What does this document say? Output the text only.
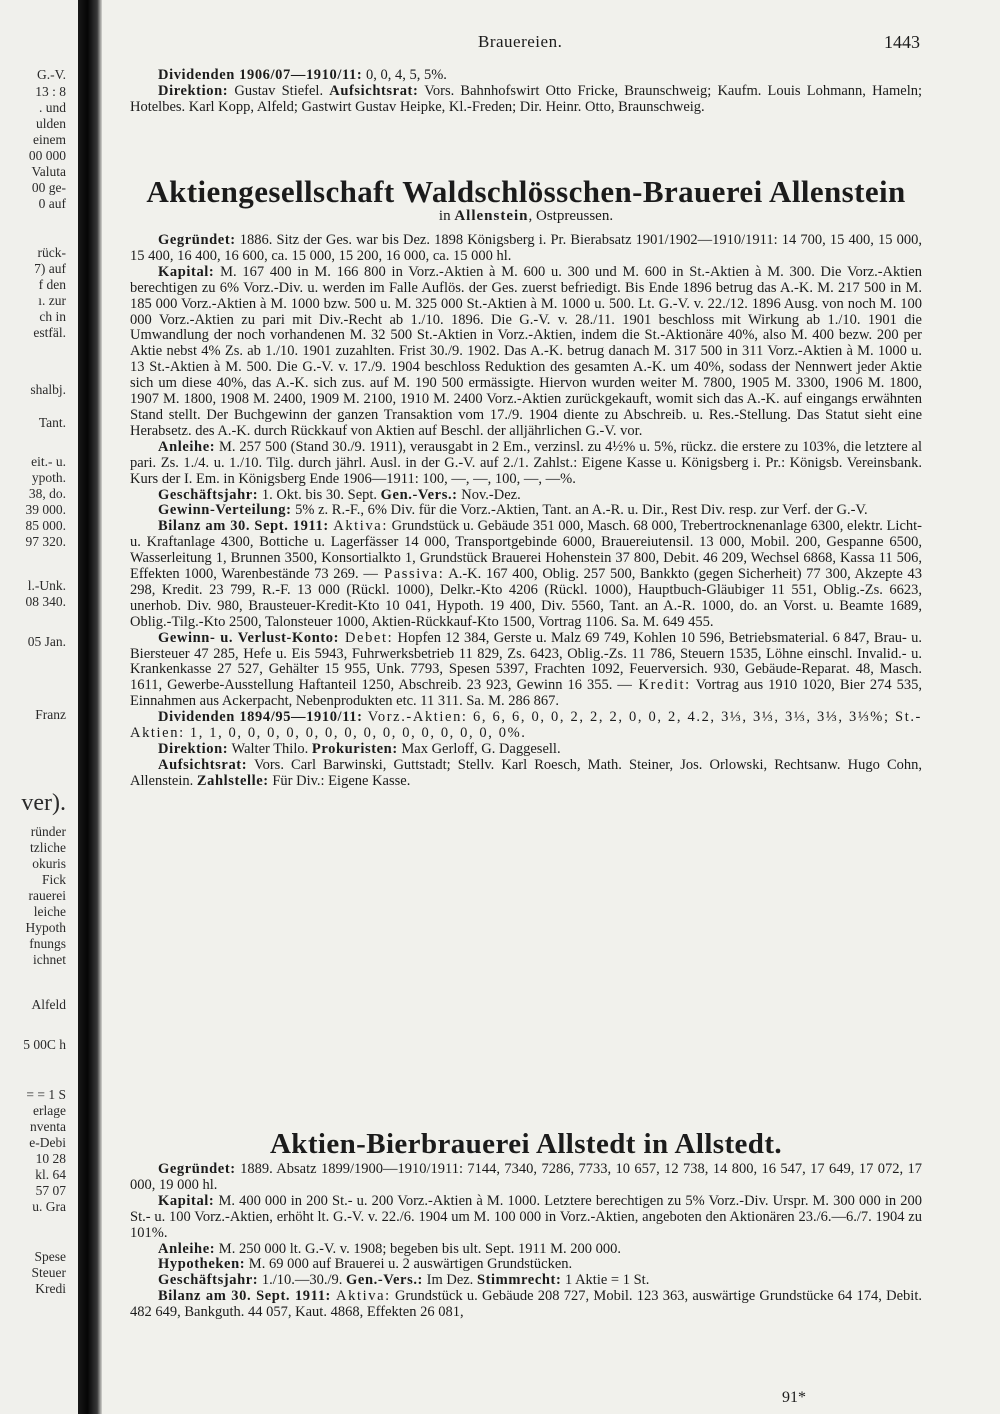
G.-V.
13 : 8
. und
ulden
einem
00 000
Valuta
00 ge-
0 auf
rück-
7) auf
f den
ı. zur
ch in
estfäl.
shalbj.
Tant.
eit.- u.
ypoth.
38, do.
39 000.
85 000.
97 320.
l.-Unk.
08 340.
05 Jan.
Franz
ver).
ründer
tzliche
okuris
Fick
rauerei
leiche
Hypoth
fnungs
ichnet
Alfeld
5 00C h
= = 1 S
erlage
nventa
e-Debi
10 28
kl. 64
57 07
u. Gra
Spese
Steuer
Kredi
Brauereien.	1443

Dividenden 1906/07—1910/11: 0, 0, 4, 5, 5%.

Direktion: Gustav Stiefel. Aufsichtsrat: Vors. Bahnhofswirt Otto Fricke, Braunschweig; Kaufm. Louis Lohmann, Hameln; Hotelbes. Karl Kopp, Alfeld; Gastwirt Gustav Heipke, Kl.-Freden; Dir. Heinr. Otto, Braunschweig.

Aktiengesellschaft Waldschlösschen-Brauerei Allenstein
in Allenstein, Ostpreussen.

Gegründet: 1886. Sitz der Ges. war bis Dez. 1898 Königsberg i. Pr. Bierabsatz 1901/1902—1910/1911: 14 700, 15 400, 15 000, 15 400, 16 400, 16 600, ca. 15 000, 15 200, 16 000, ca. 15 000 hl.

Kapital: M. 167 400 in M. 166 800 in Vorz.-Aktien à M. 600 u. 300 und M. 600 in St.-Aktien à M. 300. Die Vorz.-Aktien berechtigen zu 6% Vorz.-Div. u. werden im Falle Auflös. der Ges. zuerst befriedigt. Bis Ende 1896 betrug das A.-K. M. 217 500 in M. 185 000 Vorz.-Aktien à M. 1000 bzw. 500 u. M. 325 000 St.-Aktien à M. 1000 u. 500. Lt. G.-V. v. 22./12. 1896 Ausg. von noch M. 100 000 Vorz.-Aktien zu pari mit Div.-Recht ab 1./10. 1896. Die G.-V. v. 28./11. 1901 beschloss mit Wirkung ab 1./10. 1901 die Umwandlung der noch vorhandenen M. 32 500 St.-Aktien in Vorz.-Aktien, indem die St.-Aktionäre 40%, also M. 400 bezw. 200 per Aktie nebst 4% Zs. ab 1./10. 1901 zuzahlten. Frist 30./9. 1902. Das A.-K. betrug danach M. 317 500 in 311 Vorz.-Aktien à M. 1000 u. 13 St.-Aktien à M. 500. Die G.-V. v. 17./9. 1904 beschloss Reduktion des gesamten A.-K. um 40%, sodass der Nennwert jeder Aktie sich um diese 40%, das A.-K. sich zus. auf M. 190 500 ermässigte. Hiervon wurden weiter M. 7800, 1905 M. 3300, 1906 M. 1800, 1907 M. 1800, 1908 M. 2400, 1909 M. 2100, 1910 M. 2400 Vorz.-Aktien zurückgekauft, womit sich das A.-K. auf eingangs erwähnten Stand stellt. Der Buchgewinn der ganzen Transaktion vom 17./9. 1904 diente zu Abschreib. u. Res.-Stellung. Das Statut sieht eine Herabsetz. des A.-K. durch Rückkauf von Aktien auf Beschl. der alljährlichen G.-V. vor.

Anleihe: M. 257 500 (Stand 30./9. 1911), verausgabt in 2 Em., verzinsl. zu 4½% u. 5%, rückz. die erstere zu 103%, die letztere al pari. Zs. 1./4. u. 1./10. Tilg. durch jährl. Ausl. in der G.-V. auf 2./1. Zahlst.: Eigene Kasse u. Königsberg i. Pr.: Königsb. Vereinsbank. Kurs der I. Em. in Königsberg Ende 1906—1911: 100, —, —, 100, —, —%.

Geschäftsjahr: 1. Okt. bis 30. Sept. Gen.-Vers.: Nov.-Dez.

Gewinn-Verteilung: 5% z. R.-F., 6% Div. für die Vorz.-Aktien, Tant. an A.-R. u. Dir., Rest Div. resp. zur Verf. der G.-V.

Bilanz am 30. Sept. 1911: Aktiva: Grundstück u. Gebäude 351 000, Masch. 68 000, Trebertrocknenanlage 6300, elektr. Licht- u. Kraftanlage 4300, Bottiche u. Lagerfässer 14 000, Transportgebinde 6000, Brauereiutensil. 13 000, Mobil. 200, Gespanne 6500, Wasserleitung 1, Brunnen 3500, Konsortialkto 1, Grundstück Brauerei Hohenstein 37 800, Debit. 46 209, Wechsel 6868, Kassa 11 506, Effekten 1000, Warenbestände 73 269. — Passiva: A.-K. 167 400, Oblig. 257 500, Bankkto (gegen Sicherheit) 77 300, Akzepte 43 298, Kredit. 23 799, R.-F. 13 000 (Rückl. 1000), Delkr.-Kto 4206 (Rückl. 1000), Hauptbuch-Gläubiger 11 551, Oblig.-Zs. 6623, unerhob. Div. 980, Brausteuer-Kredit-Kto 10 041, Hypoth. 19 400, Div. 5560, Tant. an A.-R. 1000, do. an Vorst. u. Beamte 1689, Oblig.-Tilg.-Kto 2500, Talonsteuer 1000, Aktien-Rückkauf-Kto 1500, Vortrag 1106. Sa. M. 649 455.

Gewinn- u. Verlust-Konto: Debet: Hopfen 12 384, Gerste u. Malz 69 749, Kohlen 10 596, Betriebsmaterial. 6 847, Brau- u. Biersteuer 47 285, Hefe u. Eis 5943, Fuhrwerksbetrieb 11 829, Zs. 6423, Oblig.-Zs. 11 786, Steuern 1535, Löhne einschl. Invalid.- u. Krankenkasse 27 527, Gehälter 15 955, Unk. 7793, Spesen 5397, Frachten 1092, Feuerversich. 930, Gebäude-Reparat. 48, Masch. 1611, Gewerbe-Ausstellung Haftanteil 1250, Abschreib. 23 923, Gewinn 16 355. — Kredit: Vortrag aus 1910 1020, Bier 274 535, Einnahmen aus Ackerpacht, Nebenprodukten etc. 11 311. Sa. M. 286 867.

Dividenden 1894/95—1910/11: Vorz.-Aktien: 6, 6, 6, 0, 0, 2, 2, 2, 0, 0, 2, 4.2, 3⅓, 3⅓, 3⅓, 3⅓, 3⅓%; St.-Aktien: 1, 1, 0, 0, 0, 0, 0, 0, 0, 0, 0, 0, 0, 0, 0, 0, 0%.

Direktion: Walter Thilo. Prokuristen: Max Gerloff, G. Daggesell.

Aufsichtsrat: Vors. Carl Barwinski, Guttstadt; Stellv. Karl Roesch, Math. Steiner, Jos. Orlowski, Rechtsanw. Hugo Cohn, Allenstein. Zahlstelle: Für Div.: Eigene Kasse.

Aktien-Bierbrauerei Allstedt in Allstedt.

Gegründet: 1889. Absatz 1899/1900—1910/1911: 7144, 7340, 7286, 7733, 10 657, 12 738, 14 800, 16 547, 17 649, 17 072, 17 000, 19 000 hl.

Kapital: M. 400 000 in 200 St.- u. 200 Vorz.-Aktien à M. 1000. Letztere berechtigen zu 5% Vorz.-Div. Urspr. M. 300 000 in 200 St.- u. 100 Vorz.-Aktien, erhöht lt. G.-V. v. 22./6. 1904 um M. 100 000 in Vorz.-Aktien, angeboten den Aktionären 23./6.—6./7. 1904 zu 101%.

Anleihe: M. 250 000 lt. G.-V. v. 1908; begeben bis ult. Sept. 1911 M. 200 000.

Hypotheken: M. 69 000 auf Brauerei u. 2 auswärtigen Grundstücken.

Geschäftsjahr: 1./10.—30./9. Gen.-Vers.: Im Dez. Stimmrecht: 1 Aktie = 1 St.

Bilanz am 30. Sept. 1911: Aktiva: Grundstück u. Gebäude 208 727, Mobil. 123 363, auswärtige Grundstücke 64 174, Debit. 482 649, Bankguth. 44 057, Kaut. 4868, Effekten 26 081,

91*
